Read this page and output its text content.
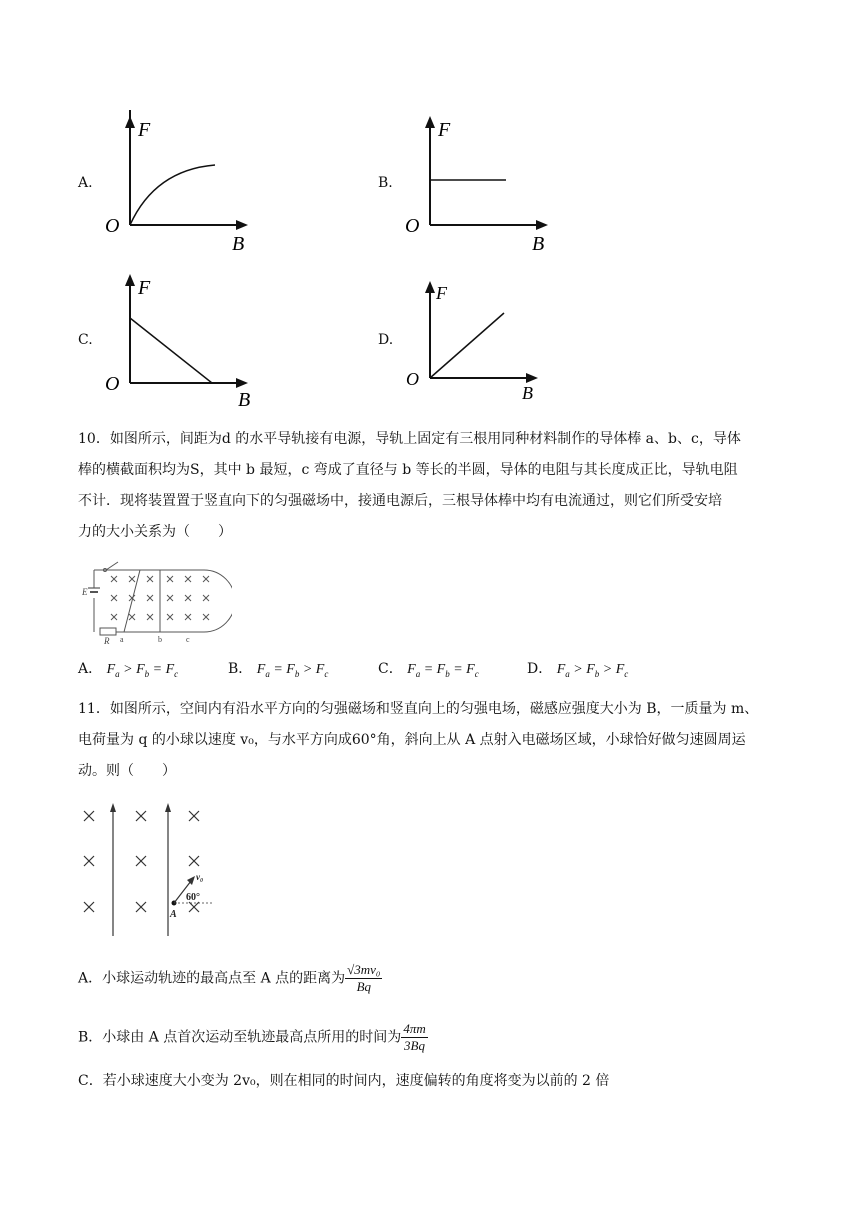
A.
F
O
B
B.
F
O
B
C.
F
O
B
D.
F
O
B
10．如图所示，间距为d 的水平导轨接有电源，导轨上固定有三根用同种材料制作的导体棒 a、b、c，导体
棒的横截面积均为S，其中 b 最短，c 弯成了直径与 b 等长的半圆，导体的电阻与其长度成正比，导轨电阻
不计．现将装置置于竖直向下的匀强磁场中，接通电源后，三根导体棒中均有电流通过，则它们所受安培
力的大小关系为（　　）
E
R a	b	c
A． $F_a > F_b = F_c$	B． $F_a = F_b > F_c$	C． $F_a = F_b = F_c$	D． $F_a > F_b > F_c$
11．如图所示，空间内有沿水平方向的匀强磁场和竖直向上的匀强电场，磁感应强度大小为 B，一质量为 m、
电荷量为 q 的小球以速度 v₀，与水平方向成60°角，斜向上从 A 点射入电磁场区域，小球恰好做匀速圆周运
动。则（　　）
v₀
60°
A
A．小球运动轨迹的最高点至 A 点的距离为 $\frac{\text{√3mv₀}}{Bq}$
B．小球由 A 点首次运动至轨迹最高点所用的时间为 $\frac{4\pi m}{3Bq}$
C．若小球速度大小变为 2v₀，则在相同的时间内，速度偏转的角度将变为以前的 2 倍
